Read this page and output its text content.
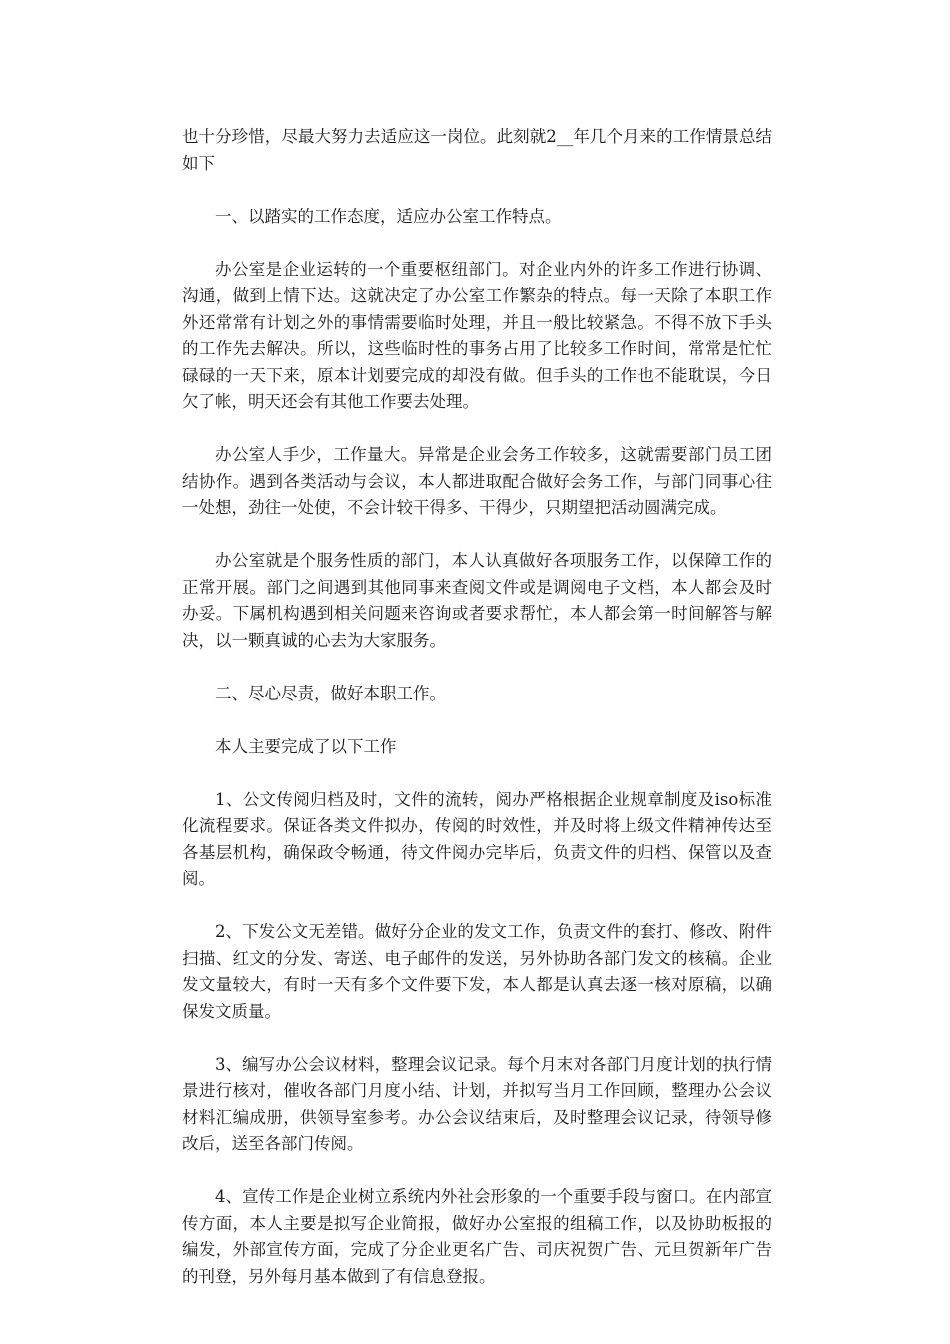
也十分珍惜，尽最大努力去适应这一岗位。此刻就2__年几个月来的工作情景总结如下

一、以踏实的工作态度，适应办公室工作特点。

办公室是企业运转的一个重要枢纽部门。对企业内外的许多工作进行协调、沟通，做到上情下达。这就决定了办公室工作繁杂的特点。每一天除了本职工作外还常常有计划之外的事情需要临时处理，并且一般比较紧急。不得不放下手头的工作先去解决。所以，这些临时性的事务占用了比较多工作时间，常常是忙忙碌碌的一天下来，原本计划要完成的却没有做。但手头的工作也不能耽误，今日欠了帐，明天还会有其他工作要去处理。

办公室人手少，工作量大。异常是企业会务工作较多，这就需要部门员工团结协作。遇到各类活动与会议，本人都进取配合做好会务工作，与部门同事心往一处想，劲往一处使，不会计较干得多、干得少，只期望把活动圆满完成。

办公室就是个服务性质的部门，本人认真做好各项服务工作，以保障工作的正常开展。部门之间遇到其他同事来查阅文件或是调阅电子文档，本人都会及时办妥。下属机构遇到相关问题来咨询或者要求帮忙，本人都会第一时间解答与解决，以一颗真诚的心去为大家服务。

二、尽心尽责，做好本职工作。

本人主要完成了以下工作

1、公文传阅归档及时，文件的流转，阅办严格根据企业规章制度及iso标准化流程要求。保证各类文件拟办，传阅的时效性，并及时将上级文件精神传达至各基层机构，确保政令畅通，待文件阅办完毕后，负责文件的归档、保管以及查阅。

2、下发公文无差错。做好分企业的发文工作，负责文件的套打、修改、附件扫描、红文的分发、寄送、电子邮件的发送，另外协助各部门发文的核稿。企业发文量较大，有时一天有多个文件要下发，本人都是认真去逐一核对原稿，以确保发文质量。

3、编写办公会议材料，整理会议记录。每个月末对各部门月度计划的执行情景进行核对，催收各部门月度小结、计划，并拟写当月工作回顾，整理办公会议材料汇编成册，供领导室参考。办公会议结束后，及时整理会议记录，待领导修改后，送至各部门传阅。

4、宣传工作是企业树立系统内外社会形象的一个重要手段与窗口。在内部宣传方面，本人主要是拟写企业简报，做好办公室报的组稿工作，以及协助板报的编发，外部宣传方面，完成了分企业更名广告、司庆祝贺广告、元旦贺新年广告的刊登，另外每月基本做到了有信息登报。
